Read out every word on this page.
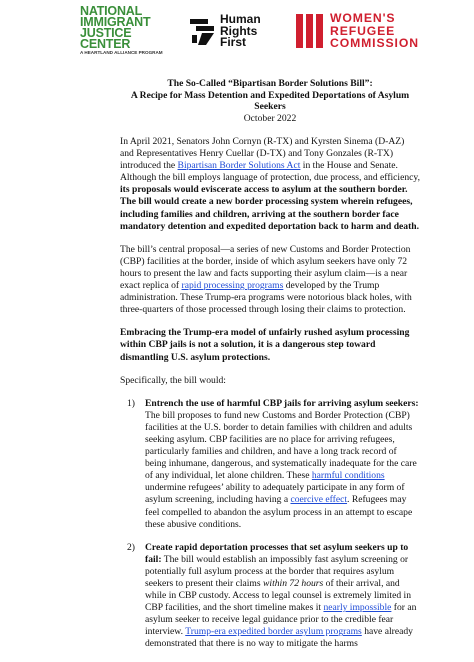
NATIONAL
IMMIGRANT
JUSTICE CENTER
A HEARTLAND ALLIANCE PROGRAM
Human
Rights
First
WOMEN'S
REFUGEE
COMMISSION
The So-Called “Bipartisan Border Solutions Bill”:
A Recipe for Mass Detention and Expedited Deportations of Asylum Seekers
October 2022

In April 2021, Senators John Cornyn (R-TX) and Kyrsten Sinema (D-AZ) and Representatives Henry Cuellar (D-TX) and Tony Gonzales (R-TX) introduced the Bipartisan Border Solutions Act in the House and Senate. Although the bill employs language of protection, due process, and efficiency, its proposals would eviscerate access to asylum at the southern border. The bill would create a new border processing system wherein refugees, including families and children, arriving at the southern border face mandatory detention and expedited deportation back to harm and death.

The bill’s central proposal—a series of new Customs and Border Protection (CBP) facilities at the border, inside of which asylum seekers have only 72 hours to present the law and facts supporting their asylum claim—is a near exact replica of rapid processing programs developed by the Trump administration. These Trump-era programs were notorious black holes, with three-quarters of those processed through losing their claims to protection.

Embracing the Trump-era model of unfairly rushed asylum processing within CBP jails is not a solution, it is a dangerous step toward dismantling U.S. asylum protections.

Specifically, the bill would:

1) Entrench the use of harmful CBP jails for arriving asylum seekers: The bill proposes to fund new Customs and Border Protection (CBP) facilities at the U.S. border to detain families with children and adults seeking asylum. CBP facilities are no place for arriving refugees, particularly families and children, and have a long track record of being inhumane, dangerous, and systematically inadequate for the care of any individual, let alone children. These harmful conditions undermine refugees’ ability to adequately participate in any form of asylum screening, including having a coercive effect. Refugees may feel compelled to abandon the asylum process in an attempt to escape these abusive conditions.
2) Create rapid deportation processes that set asylum seekers up to fail: The bill would establish an impossibly fast asylum screening or potentially full asylum process at the border that requires asylum seekers to present their claims within 72 hours of their arrival, and while in CBP custody. Access to legal counsel is extremely limited in CBP facilities, and the short timeline makes it nearly impossible for an asylum seeker to receive legal guidance prior to the credible fear interview. Trump-era expedited border asylum programs have already demonstrated that there is no way to mitigate the harms
